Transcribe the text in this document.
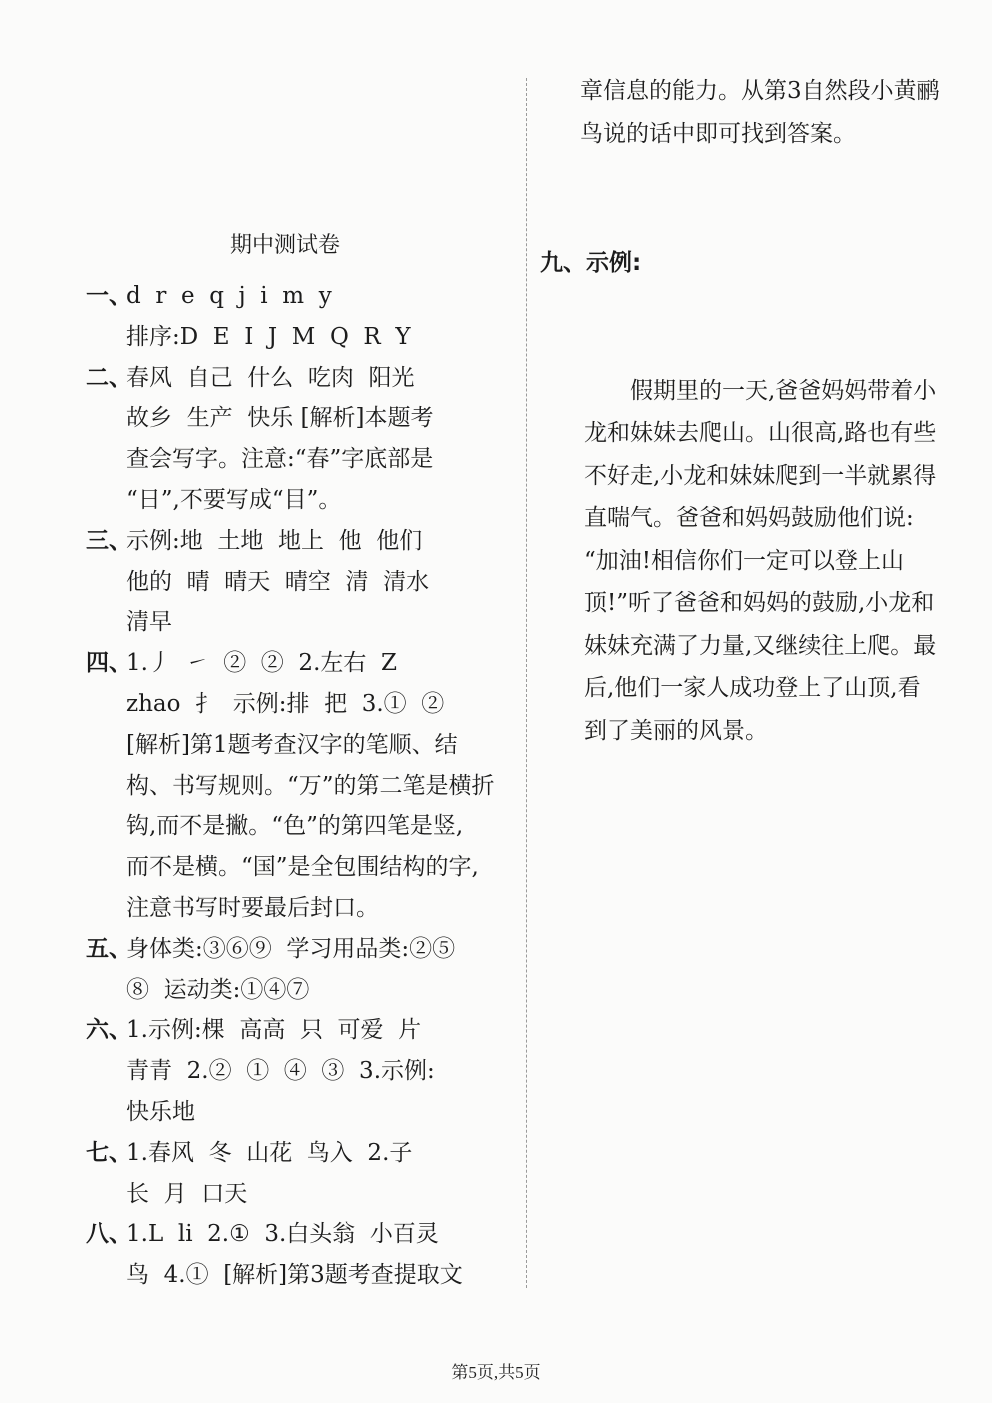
期中测试卷
一、
d  r  e  q  j  i  m  y
排序:D  E  I  J  M  Q  R  Y
二、
春风  自己  什么  吃肉  阳光
故乡  生产  快乐 [解析]本题考
查会写字。注意:“春”字底部是
“日”,不要写成“目”。
三、
示例:地  土地  地上  他  他们
他的  晴  晴天  晴空  清  清水
清早
四、
1.丿  ㇀  ②  ②  2.左右  Z
zhao  扌  示例:排  把  3.①  ②
[解析]第1题考查汉字的笔顺、结
构、书写规则。“万”的第二笔是横折
钩,而不是撇。“色”的第四笔是竖,
而不是横。“国”是全包围结构的字,
注意书写时要最后封口。
五、
身体类:③⑥⑨  学习用品类:②⑤
⑧  运动类:①④⑦
六、
1.示例:棵  高高  只  可爱  片
青青  2.②  ①  ④  ③  3.示例:
快乐地
七、
1.春风  冬  山花  鸟入  2.子
长  月  口天
八、
1.L  li  2.①  3.白头翁  小百灵
鸟  4.①  [解析]第3题考查提取文
章信息的能力。从第3自然段小黄鹂
鸟说的话中即可找到答案。

九、示例:

假期里的一天,爸爸妈妈带着小
龙和妹妹去爬山。山很高,路也有些
不好走,小龙和妹妹爬到一半就累得
直喘气。爸爸和妈妈鼓励他们说:
“加油!相信你们一定可以登上山
顶!”听了爸爸和妈妈的鼓励,小龙和
妹妹充满了力量,又继续往上爬。最
后,他们一家人成功登上了山顶,看
到了美丽的风景。

第5页,共5页
